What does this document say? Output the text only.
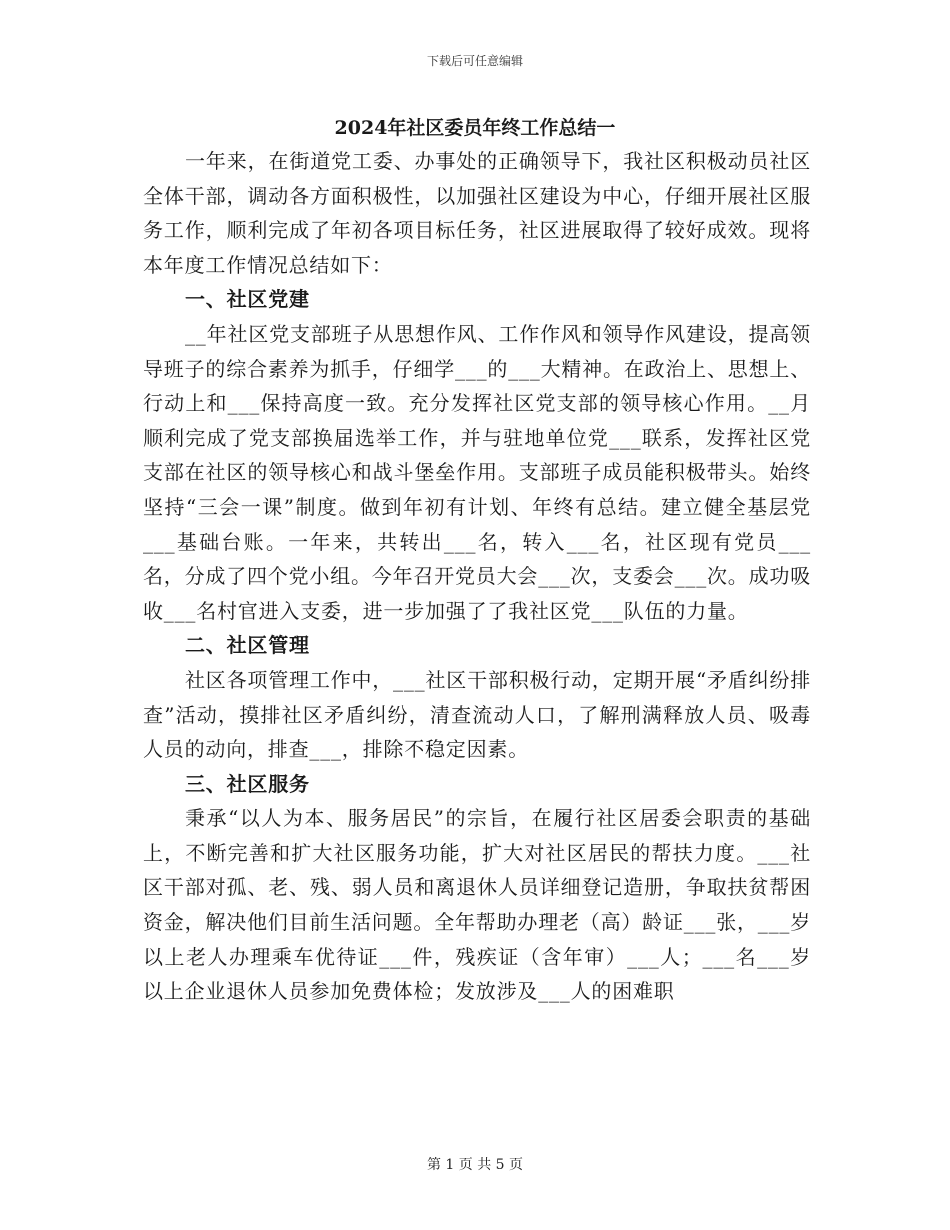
下载后可任意编辑
2024年社区委员年终工作总结一

一年来，在街道党工委、办事处的正确领导下，我社区积极动员社区全体干部，调动各方面积极性，以加强社区建设为中心，仔细开展社区服务工作，顺利完成了年初各项目标任务，社区进展取得了较好成效。现将本年度工作情况总结如下：

一、社区党建

__年社区党支部班子从思想作风、工作作风和领导作风建设，提高领导班子的综合素养为抓手，仔细学___的___大精神。在政治上、思想上、行动上和___保持高度一致。充分发挥社区党支部的领导核心作用。__月顺利完成了党支部换届选举工作，并与驻地单位党___联系，发挥社区党支部在社区的领导核心和战斗堡垒作用。支部班子成员能积极带头。始终坚持“三会一课”制度。做到年初有计划、年终有总结。建立健全基层党___基础台账。一年来，共转出___名，转入___名，社区现有党员___名，分成了四个党小组。今年召开党员大会___次，支委会___次。成功吸收___名村官进入支委，进一步加强了了我社区党___队伍的力量。

二、社区管理

社区各项管理工作中，___社区干部积极行动，定期开展“矛盾纠纷排查”活动，摸排社区矛盾纠纷，清查流动人口，了解刑满释放人员、吸毒人员的动向，排查___，排除不稳定因素。

三、社区服务

秉承“以人为本、服务居民”的宗旨，在履行社区居委会职责的基础上，不断完善和扩大社区服务功能，扩大对社区居民的帮扶力度。___社区干部对孤、老、残、弱人员和离退休人员详细登记造册，争取扶贫帮困资金，解决他们目前生活问题。全年帮助办理老（高）龄证___张，___岁以上老人办理乘车优待证___件，残疾证（含年审）___人；___名___岁以上企业退休人员参加免费体检；发放涉及___人的困难职

第 1 页 共 5 页
